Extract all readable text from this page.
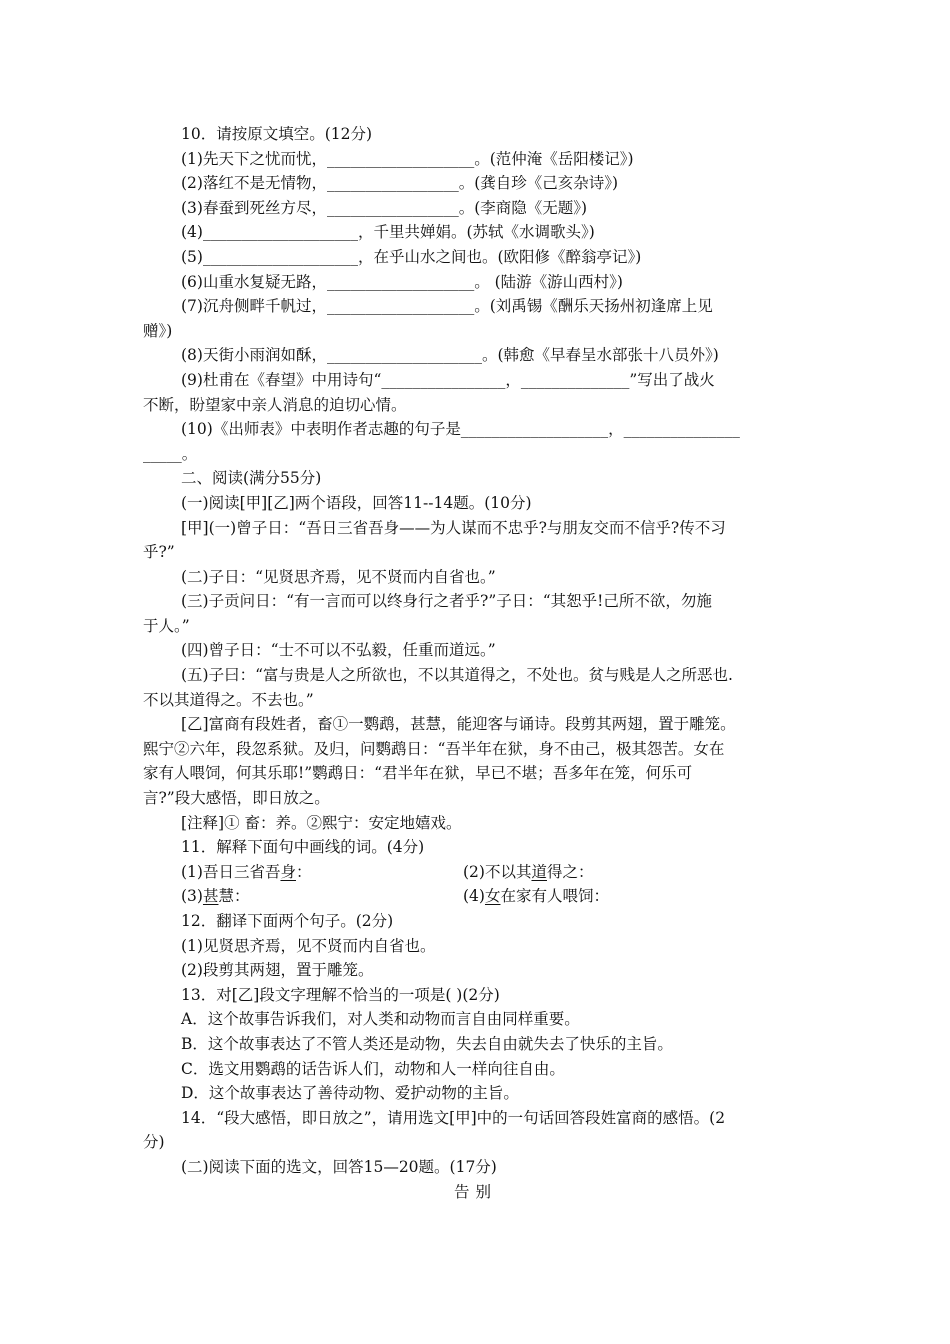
10．请按原文填空。(12分)

(1)先天下之忧而忧，___________________。(范仲淹《岳阳楼记》)

(2)落红不是无情物，_________________。(龚自珍《己亥杂诗》)

(3)春蚕到死丝方尽，_________________。(李商隐《无题》)

(4)____________________，千里共婵娟。(苏轼《水调歌头》)

(5)____________________，在乎山水之间也。(欧阳修《醉翁亭记》)

(6)山重水复疑无路，___________________。 (陆游《游山西村》)

(7)沉舟侧畔千帆过，___________________。(刘禹锡《酬乐天扬州初逢席上见

赠》)

(8)天街小雨润如酥，____________________。(韩愈《早春呈水部张十八员外》)

(9)杜甫在《春望》中用诗句“________________，______________”写出了战火

不断，盼望家中亲人消息的迫切心情。

(10)《出师表》中表明作者志趣的句子是___________________，_______________

_____。

二、阅读(满分55分)

(一)阅读[甲][乙]两个语段，回答11--14题。(10分)

[甲](一)曾子日：“吾日三省吾身——为人谋而不忠乎?与朋友交而不信乎?传不习

乎?”

(二)子日：“见贤思齐焉，见不贤而内自省也。”

(三)子贡问日：“有一言而可以终身行之者乎?”子日：“其恕乎!己所不欲，勿施

于人。”

(四)曾子日：“士不可以不弘毅，任重而道远。”

(五)子曰：“富与贵是人之所欲也，不以其道得之，不处也。贫与贱是人之所恶也.

不以其道得之。不去也。”

[乙]富商有段姓者，畜①一鹦鹉，甚慧，能迎客与诵诗。段剪其两翅，置于雕笼。

熙宁②六年，段忽系狱。及归，问鹦鹉日：“吾半年在狱，身不由己，极其怨苦。女在

家有人喂饲，何其乐耶!”鹦鹉日：“君半年在狱，早已不堪；吾多年在笼，何乐可

言?”段大感悟，即日放之。

[注释]① 畜：养。②熙宁：安定地嬉戏。

11．解释下面句中画线的词。(4分)

(1)吾日三省吾身：	(2)不以其道得之：
(3)甚慧：	(4)女在家有人喂饲：

12．翻译下面两个句子。(2分)

(1)见贤思齐焉，见不贤而内自省也。

(2)段剪其两翅，置于雕笼。

13．对[乙]段文字理解不恰当的一项是( )(2分)

A．这个故事告诉我们，对人类和动物而言自由同样重要。

B．这个故事表达了不管人类还是动物，失去自由就失去了快乐的主旨。

C．选文用鹦鹉的话告诉人们，动物和人一样向往自由。

D．这个故事表达了善待动物、爱护动物的主旨。

14．“段大感悟，即日放之”，请用选文[甲]中的一句话回答段姓富商的感悟。(2

分)

(二)阅读下面的选文，回答15—20题。(17分)

告别
